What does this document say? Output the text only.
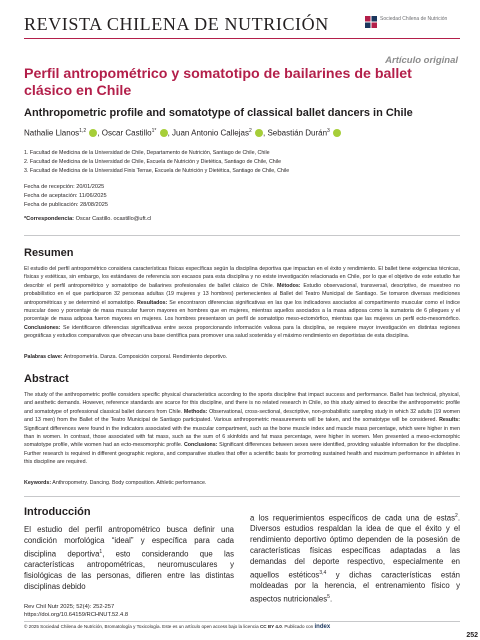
REVISTA CHILENA DE NUTRICIÓN	Sociedad Chilena de Nutrición
Artículo original
Perfil antropométrico y somatotipo de bailarines de ballet clásico en Chile
Anthropometric profile and somatotype of classical ballet dancers in Chile
Nathalie Llanos$^{1,2}$ , Oscar Castillo$^{1*}$ , Juan Antonio Callejas$^2$ , Sebastián Durán$^3$
1. Facultad de Medicina de la Universidad de Chile, Departamento de Nutrición, Santiago de Chile, Chile
2. Facultad de Medicina de la Universidad de Chile, Escuela de Nutrición y Dietética, Santiago de Chile, Chile
3. Facultad de Medicina de la Universidad Finis Terrae, Escuela de Nutrición y Dietética, Santiago de Chile, Chile
Fecha de recepción: 20/01/2025
Fecha de aceptación: 11/06/2025
Fecha de publicación: 28/08/2025
*Correspondencia: Oscar Castillo. ocastillo@uft.cl
Resumen
El estudio del perfil antropométrico considera características físicas específicas según la disciplina deportiva que impactan en el éxito y rendimiento. El ballet tiene exigencias técnicas, físicas y estéticas, sin embargo, los estándares de referencia son escasos para esta disciplina y no existe investigación relacionada en Chile, por lo que el objetivo de este estudio fue describir el perfil antropométrico y somatotipo de bailarines profesionales de ballet clásico de Chile. Métodos: Estudio observacional, transversal, descriptivo, de muestreo no probabilístico en el que participaron 32 personas adultas (19 mujeres y 13 hombres) pertenecientes al Ballet del Teatro Municipal de Santiago. Se tomaron diversas mediciones antropométricas y se determinó el somatotipo. Resultados: Se encontraron diferencias significativas en las que los indicadores asociados al compartimento muscular como el índice muscular óseo y porcentaje de masa muscular fueron mayores en hombres que en mujeres, mientras aquellos asociados a la masa adiposa como la sumatoria de 6 pliegues y el porcentaje de masa adiposa fueron mayores en mujeres. Los hombres presentaron un perfil de somatotipo meso-ectomórfico, mientras que las mujeres un perfil ecto-mesomórfico. Conclusiones: Se identificaron diferencias significativas entre sexos proporcionando información valiosa para la disciplina, se requiere mayor investigación en distintas regiones geográficas y estudios comparativos que ofrezcan una base científica para promover una salud sostenida y el máximo rendimiento en deportistas de esta disciplina.
Palabras clave: Antropometría. Danza. Composición corporal. Rendimiento deportivo.
Abstract
The study of the anthropometric profile considers specific physical characteristics according to the sports discipline that impact success and performance. Ballet has technical, physical, and aesthetic demands. However, reference standards are scarce for this discipline, and there is no related research in Chile, so this study aimed to describe the anthropometric profile and somatotype of professional classical ballet dancers from Chile. Methods: Observational, cross-sectional, descriptive, non-probabilistic sampling study in which 32 adults (19 women and 13 men) from the Ballet of the Teatro Municipal de Santiago participated. Various anthropometric measurements will be taken, and the somatotype will be considered. Results: Significant differences were found in the indicators associated with the muscular compartment, such as the bone muscle index and muscle mass percentage, which were higher in men than in women. In contrast, those associated with fat mass, such as the sum of 6 skinfolds and fat mass percentage, were higher in women. Men presented a meso-ectomorphic somatotype profile, while women had an ecto-mesomorphic profile. Conclusions: Significant differences between sexes were identified, providing valuable information for the discipline. Further research is required in different geographic regions, and comparative studies that offer a scientific basis for promoting sustained health and maximum performance in athletes in this discipline are required.
Keywords: Anthropometry. Dancing. Body composition. Athletic performance.
Introducción
El estudio del perfil antropométrico busca definir una condición morfológica “ideal” y específica para cada disciplina deportiva$^1$, esto considerando que las características antropométricas, neuromusculares y fisiológicas de las personas, difieren entre las distintas disciplinas debido
a los requerimientos específicos de cada una de estas$^2$. Diversos estudios respaldan la idea de que el éxito y el rendimiento deportivo óptimo dependen de la posesión de características físicas específicas adaptadas a las demandas del deporte respectivo, especialmente en aquellos estéticos$^{3,4}$ y dichas características están moldeadas por la herencia, el entrenamiento físico y aspectos nutricionales$^5$.
Rev Chil Nutr 2025; 52(4): 252-257
https://doi.org/10.64159/RCHNUT.52.4.8
© 2025 Sociedad Chilena de Nutrición, Bromatología y Toxicología. Este es un artículo open access bajo la licencia CC BY 4.0. Publicado con index
252
